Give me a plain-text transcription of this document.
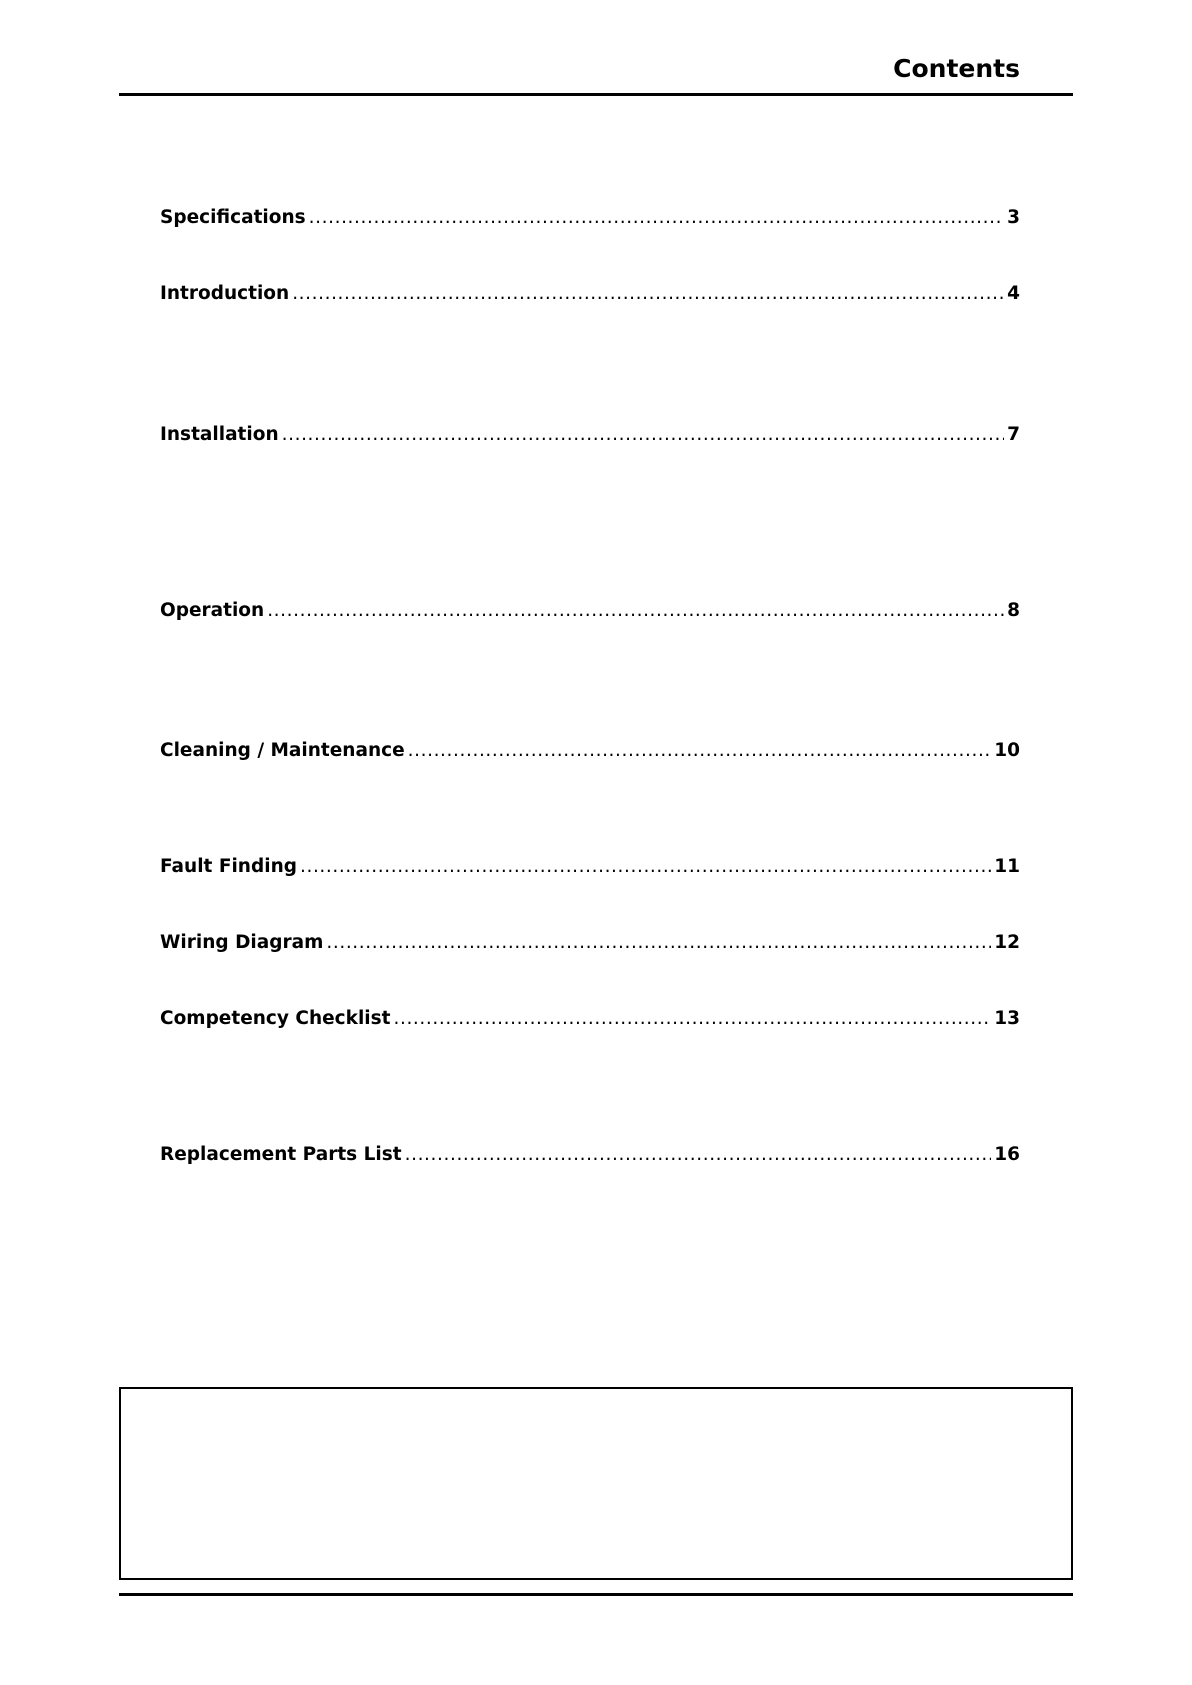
Contents
Specifications .....	3
Introduction .....	4
Installation .....	7
Operation .....	8
Cleaning / Maintenance .....	10
Fault Finding .....	11
Wiring Diagram .....	12
Competency Checklist .....	13
Replacement Parts List .....	16
